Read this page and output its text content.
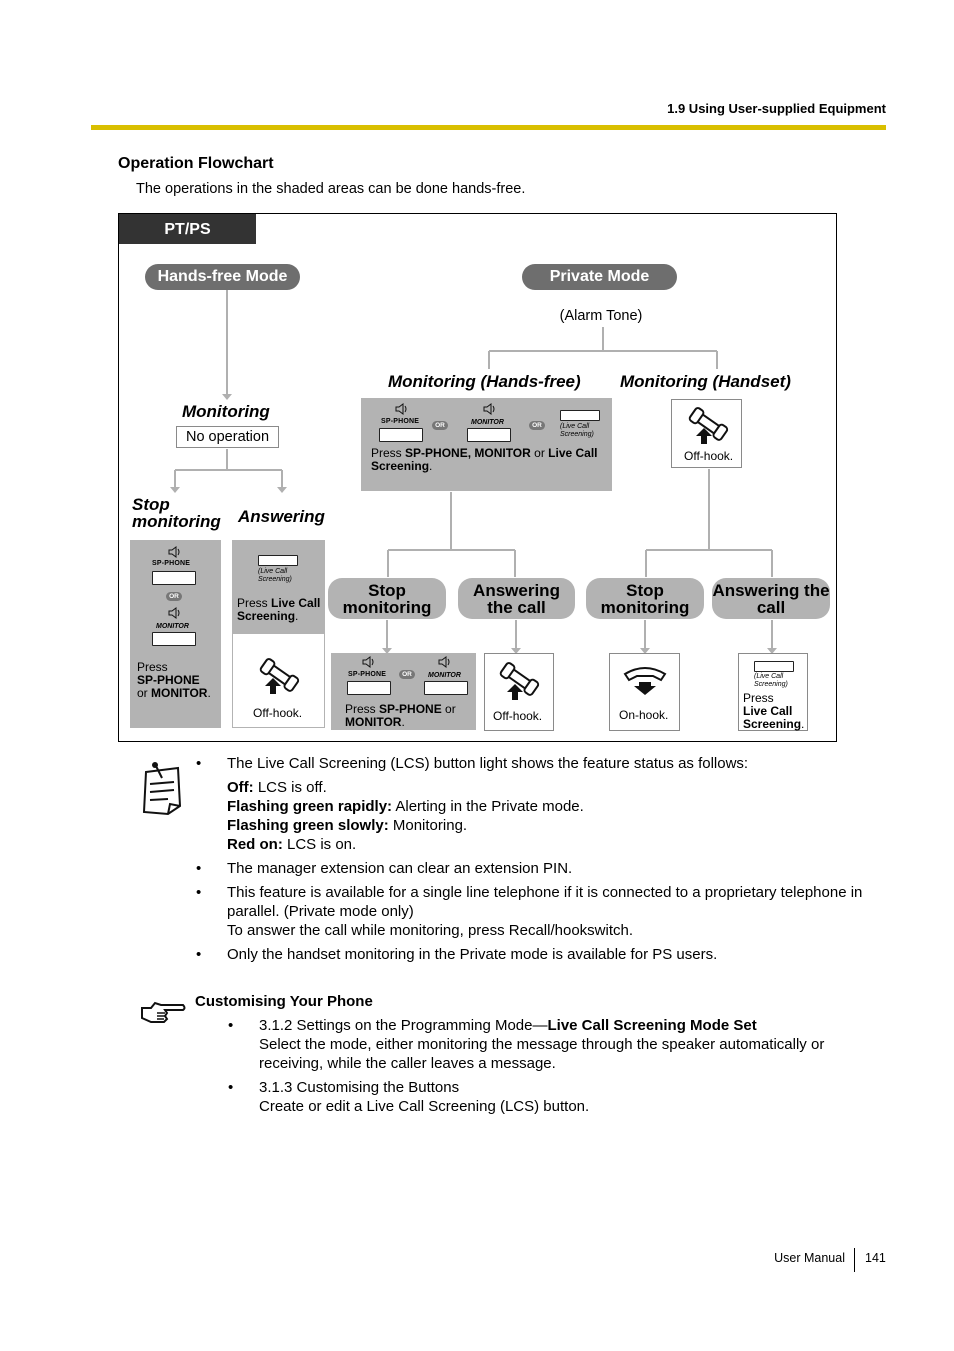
1.9 Using User-supplied Equipment
Operation Flowchart
The operations in the shaded areas can be done hands-free.
PT/PS
Hands-free Mode	Private Mode
(Alarm Tone)
Monitoring
No operation
Stop monitoring	Answering
Monitoring (Hands-free) Monitoring (Handset)
SP-PHONE
OR
MONITOR
Press
SP-PHONE
or MONITOR.
(Live Call Screening)
Press Live Call
Screening.
Off-hook.
SP-PHONE
OR	MONITOR	OR	(Live Call Screening)
Press SP-PHONE, MONITOR or Live Call Screening.
Off-hook.
Stop monitoring
Answering the call
Stop monitoring
Answering the call
SP-PHONE	OR	MONITOR
Press SP-PHONE or
MONITOR.	Off-hook.	On-hook.
(Live Call Screening)
Press
Live Call
Screening.
• The Live Call Screening (LCS) button light shows the feature status as follows:
Off: LCS is off.
Flashing green rapidly: Alerting in the Private mode.
Flashing green slowly: Monitoring.
Red on: LCS is on.
• The manager extension can clear an extension PIN.
• This feature is available for a single line telephone if it is connected to a proprietary telephone in parallel. (Private mode only)
To answer the call while monitoring, press Recall/hookswitch.
• Only the handset monitoring in the Private mode is available for PS users.
Customising Your Phone
• 3.1.2 Settings on the Programming Mode—Live Call Screening Mode Set
Select the mode, either monitoring the message through the speaker automatically or receiving, while the caller leaves a message.
• 3.1.3 Customising the Buttons
Create or edit a Live Call Screening (LCS) button.
User Manual 141
